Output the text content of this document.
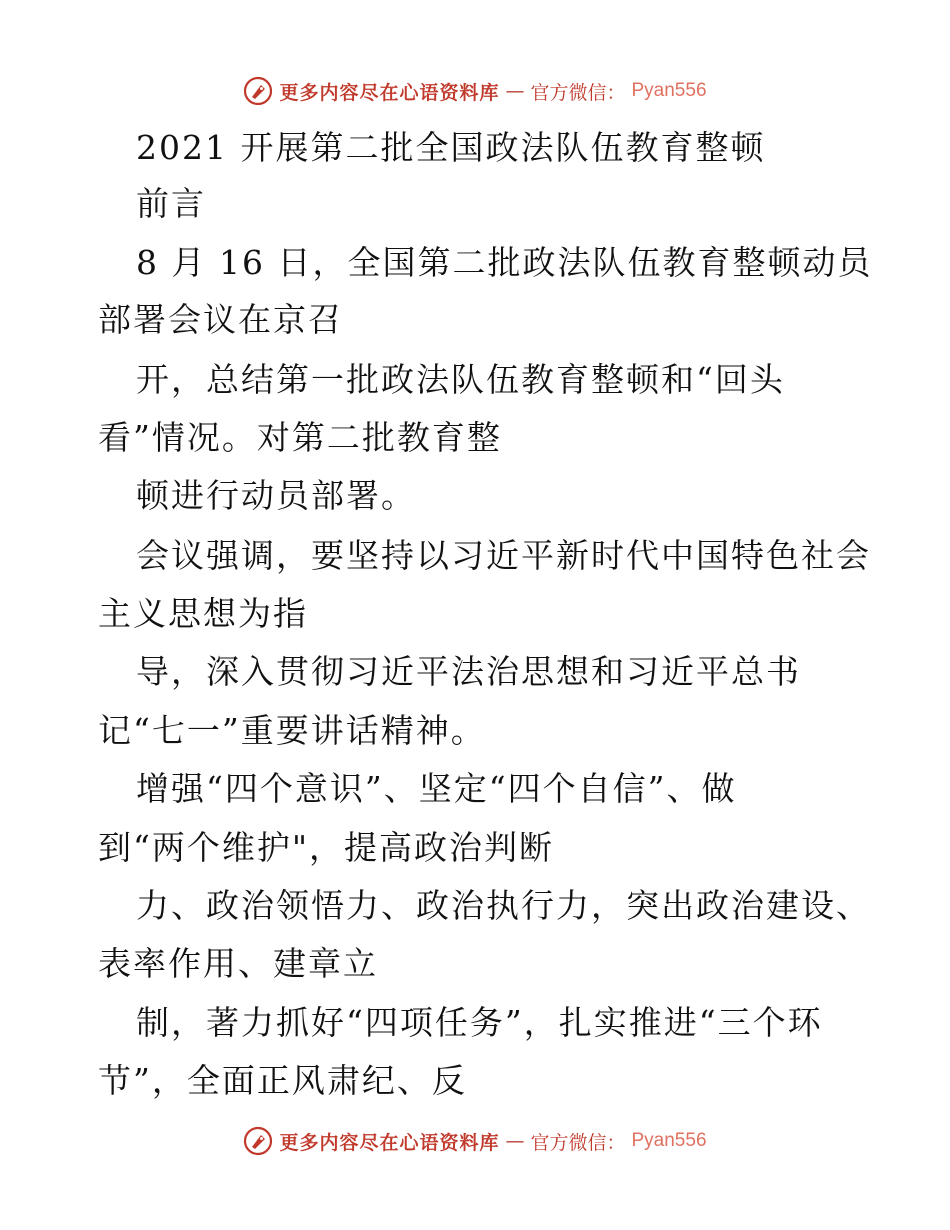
更多内容尽在心语资料库 — 官方微信： Pyan556
2021 开展第二批全国政法队伍教育整顿
前言
8 月 16 日，全国第二批政法队伍教育整顿动员
部署会议在京召
开，总结第一批政法队伍教育整顿和“回头
看”情况。对第二批教育整
顿进行动员部署。
会议强调，要坚持以习近平新时代中国特色社会
主义思想为指
导，深入贯彻习近平法治思想和习近平总书
记“七一”重要讲话精神。
增强“四个意识”、坚定“四个自信”、做
到“两个维护"，提高政治判断
力、政治领悟力、政治执行力，突出政治建设、
表率作用、建章立
制，著力抓好“四项任务”，扎实推进“三个环
节”，全面正风肃纪、反
更多内容尽在心语资料库 — 官方微信： Pyan556
